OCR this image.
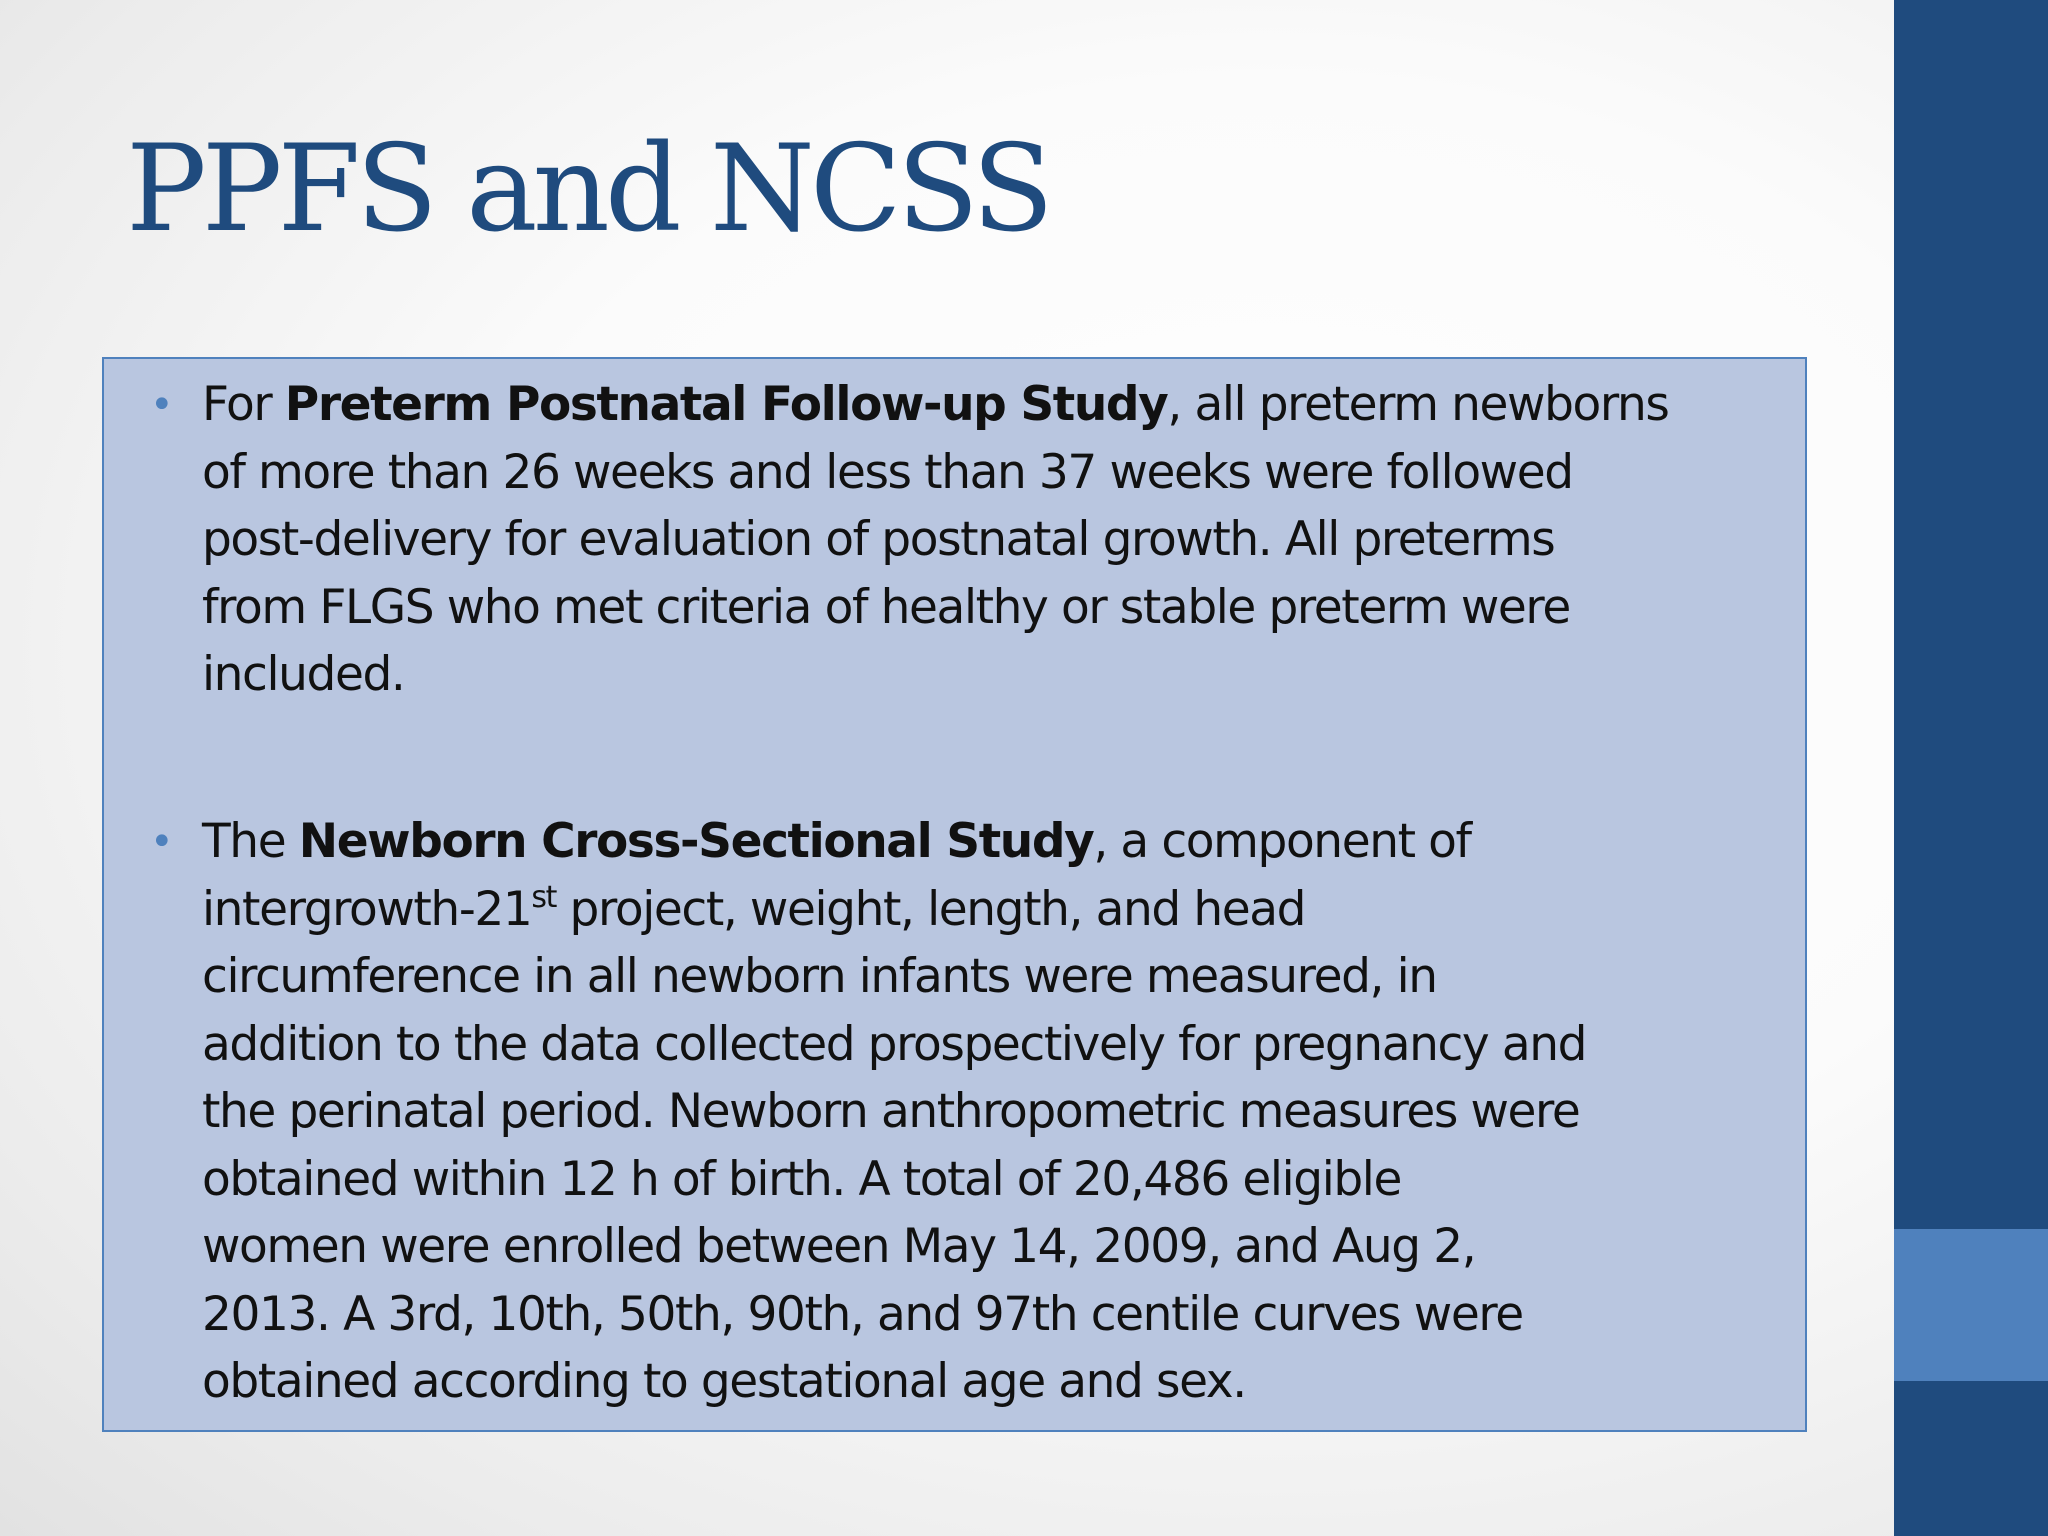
PPFS and NCSS
• For Preterm Postnatal Follow-up Study, all preterm newborns
of more than 26 weeks and less than 37 weeks were followed
post-delivery for evaluation of postnatal growth. All preterms
from FLGS who met criteria of healthy or stable preterm were
included.
• The Newborn Cross-Sectional Study, a component of
intergrowth-21st project, weight, length, and head
circumference in all newborn infants were measured, in
addition to the data collected prospectively for pregnancy and
the perinatal period. Newborn anthropometric measures were
obtained within 12 h of birth. A total of 20,486 eligible
women were enrolled between May 14, 2009, and Aug 2,
2013. A 3rd, 10th, 50th, 90th, and 97th centile curves were
obtained according to gestational age and sex.
